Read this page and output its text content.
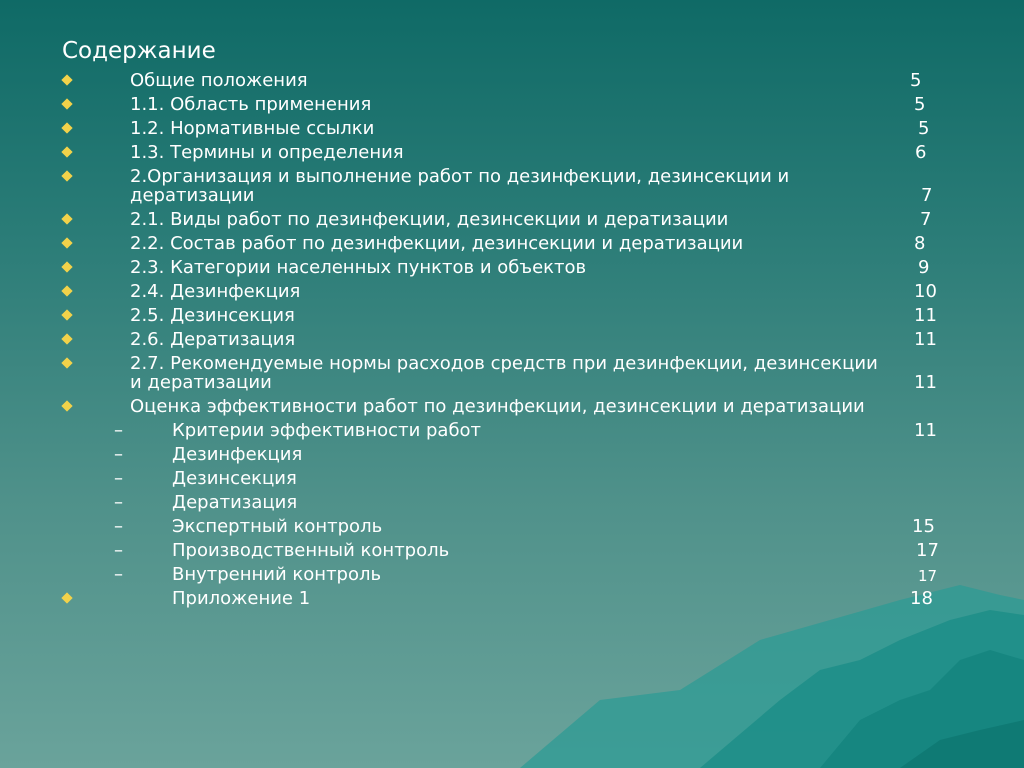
Содержание
Общие положения	5
1.1. Область применения	5
1.2. Нормативные ссылки	5
1.3. Термины и определения	6
2.Организация и выполнение работ по дезинфекции, дезинсекции и
дератизации	7
2.1. Виды работ по дезинфекции, дезинсекции и дератизации	7
2.2. Состав работ по дезинфекции, дезинсекции и дератизации	8
2.3. Категории населенных пунктов и объектов	9
2.4. Дезинфекция	10
2.5. Дезинсекция	11
2.6. Дератизация	11
2.7. Рекомендуемые нормы расходов средств при дезинфекции, дезинсекции
и дератизации	11
Оценка эффективности работ по дезинфекции, дезинсекции и дератизации
–	Критерии эффективности работ	11
–	Дезинфекция
–	Дезинсекция
–	Дератизация
–	Экспертный контроль	15
–	Производственный контроль	17
–	Внутренний контроль	17
Приложение 1	18
